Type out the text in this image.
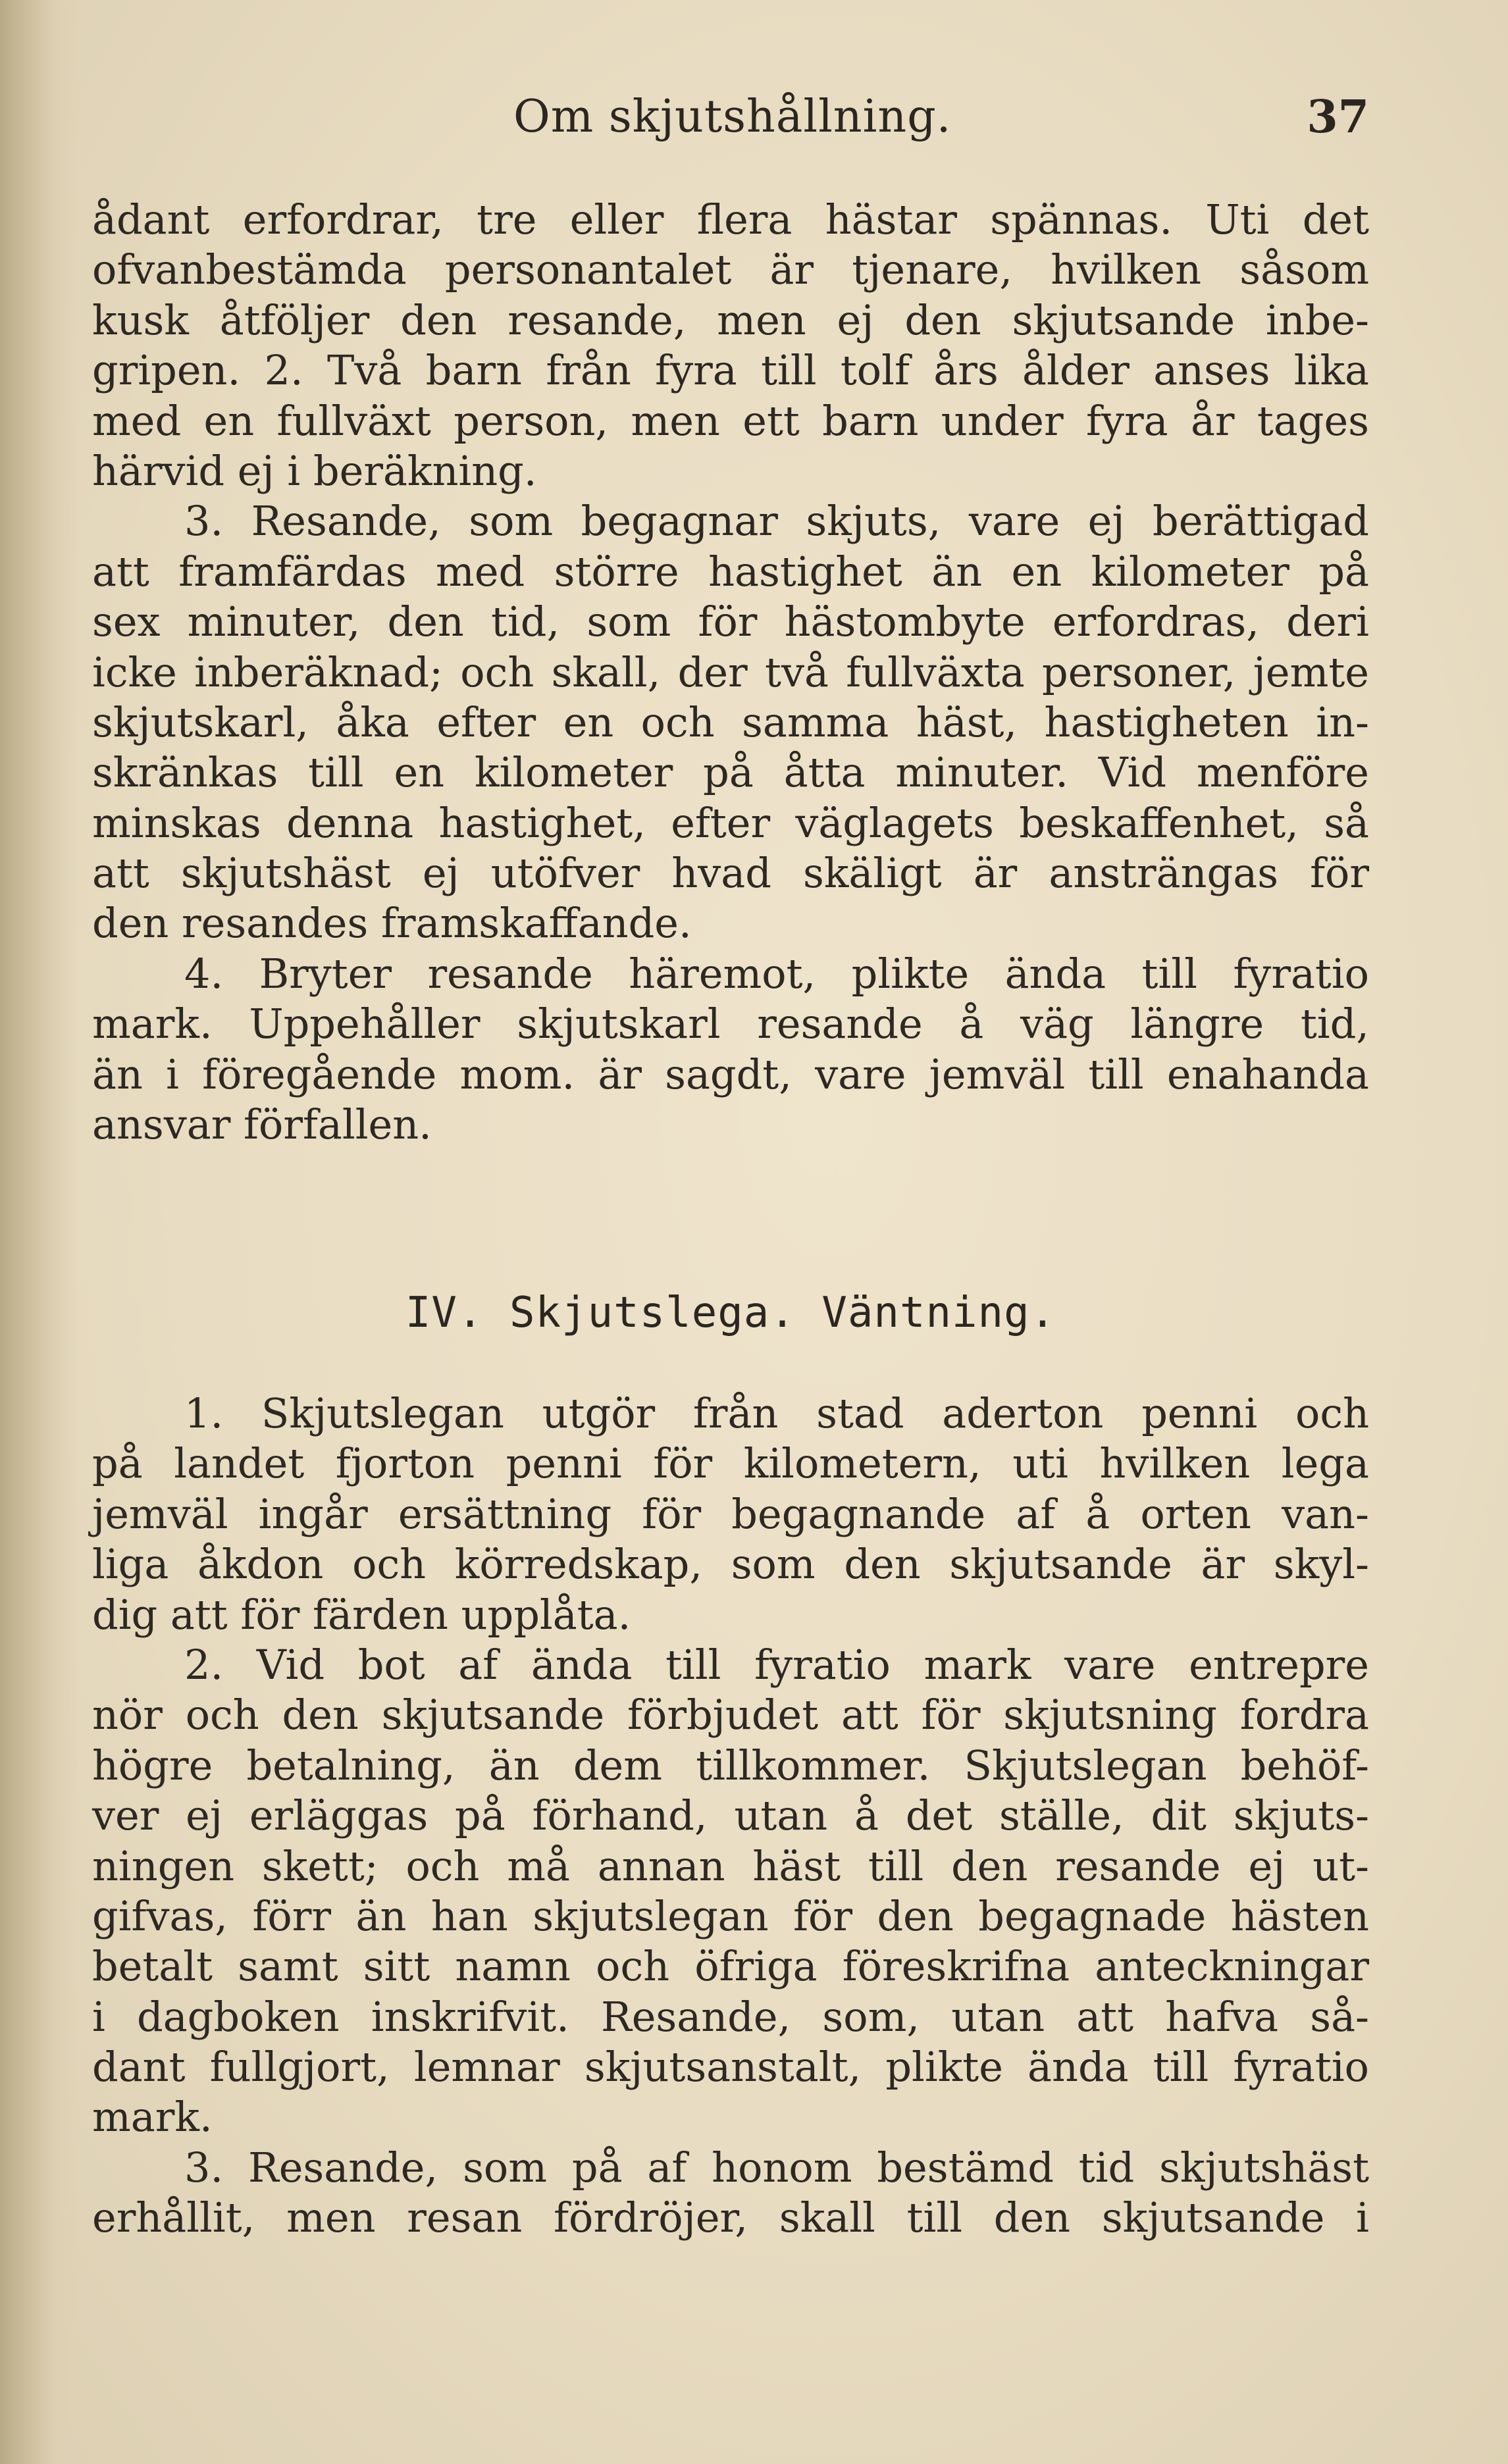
Om skjutshållning.	37
ådant erfordrar, tre eller flera hästar spännas. Uti det
ofvanbestämda personantalet är tjenare, hvilken såsom
kusk åtföljer den resande, men ej den skjutsande inbe-
gripen. 2. Två barn från fyra till tolf års ålder anses lika
med en fullväxt person, men ett barn under fyra år tages
härvid ej i beräkning.
3. Resande, som begagnar skjuts, vare ej berättigad
att framfärdas med större hastighet än en kilometer på
sex minuter, den tid, som för hästombyte erfordras, deri
icke inberäknad; och skall, der två fullväxta personer, jemte
skjutskarl, åka efter en och samma häst, hastigheten in-
skränkas till en kilometer på åtta minuter. Vid menföre
minskas denna hastighet, efter väglagets beskaffenhet, så
att skjutshäst ej utöfver hvad skäligt är ansträngas för
den resandes framskaffande.
4. Bryter resande häremot, plikte ända till fyratio
mark. Uppehåller skjutskarl resande å väg längre tid,
än i föregående mom. är sagdt, vare jemväl till enahanda
ansvar förfallen.
IV. Skjutslega. Väntning.
1. Skjutslegan utgör från stad aderton penni och
på landet fjorton penni för kilometern, uti hvilken lega
jemväl ingår ersättning för begagnande af å orten van-
liga åkdon och körredskap, som den skjutsande är skyl-
dig att för färden upplåta.
2. Vid bot af ända till fyratio mark vare entrepre
nör och den skjutsande förbjudet att för skjutsning fordra
högre betalning, än dem tillkommer. Skjutslegan behöf-
ver ej erläggas på förhand, utan å det ställe, dit skjuts-
ningen skett; och må annan häst till den resande ej ut-
gifvas, förr än han skjutslegan för den begagnade hästen
betalt samt sitt namn och öfriga föreskrifna anteckningar
i dagboken inskrifvit. Resande, som, utan att hafva så-
dant fullgjort, lemnar skjutsanstalt, plikte ända till fyratio
mark.
3. Resande, som på af honom bestämd tid skjutshäst
erhållit, men resan fördröjer, skall till den skjutsande i
